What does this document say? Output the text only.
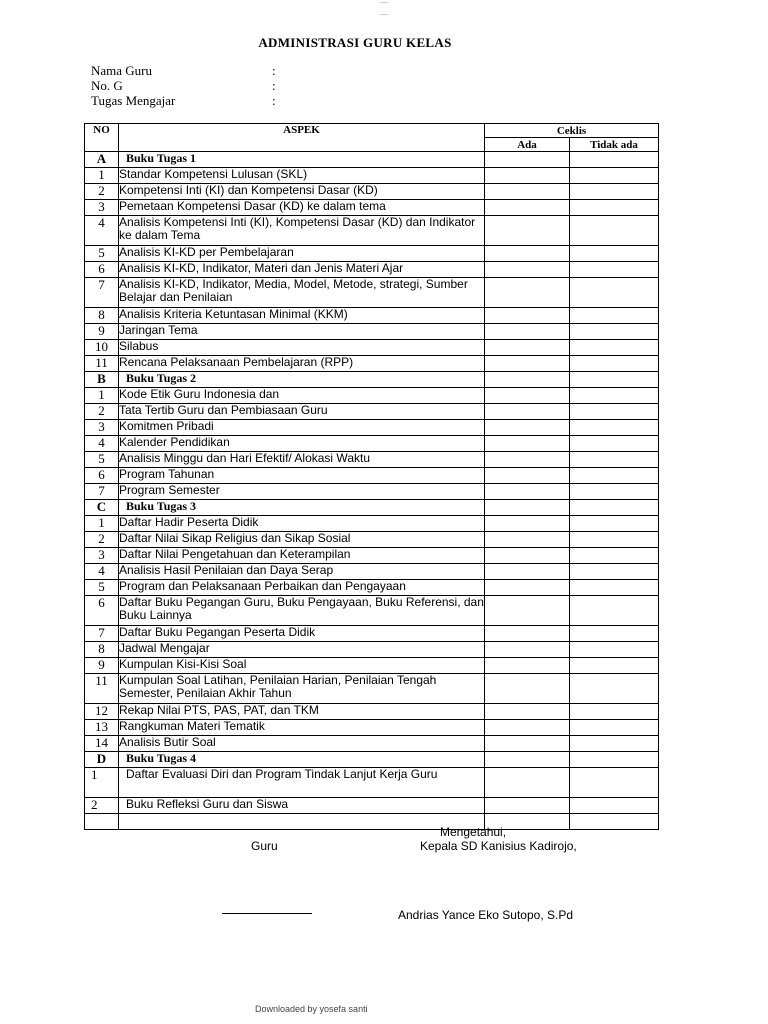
~~~~
~~~~
ADMINISTRASI GURU KELAS
Nama Guru	:
No. G	:
Tugas Mengajar	:
NO	ASPEK	Ceklis	
		Ada	Tidak ada
A	Buku Tugas 1		
1	Standar Kompetensi Lulusan (SKL)		
2	Kompetensi Inti (KI) dan Kompetensi Dasar (KD)		
3	Pemetaan Kompetensi Dasar (KD) ke dalam tema		
4	Analisis Kompetensi Inti (KI), Kompetensi Dasar (KD) dan Indikator ke dalam Tema		
5	Analisis KI-KD per Pembelajaran		
6	Analisis KI-KD, Indikator, Materi dan Jenis Materi Ajar		
7	Analisis KI-KD, Indikator, Media, Model, Metode, strategi, Sumber Belajar dan Penilaian		
8	Analisis Kriteria Ketuntasan Minimal (KKM)		
9	Jaringan Tema		
10	Silabus		
11	Rencana Pelaksanaan Pembelajaran (RPP)		
B	Buku Tugas 2		
1	Kode Etik Guru Indonesia dan		
2	Tata Tertib Guru dan Pembiasaan Guru		
3	Komitmen Pribadi		
4	Kalender Pendidikan		
5	Analisis Minggu dan Hari Efektif/ Alokasi Waktu		
6	Program Tahunan		
7	Program Semester		
C	Buku Tugas 3		
1	Daftar Hadir Peserta Didik		
2	Daftar Nilai Sikap Religius dan Sikap Sosial		
3	Daftar Nilai Pengetahuan dan Keterampilan		
4	Analisis Hasil Penilaian dan Daya Serap		
5	Program dan Pelaksanaan Perbaikan dan Pengayaan		
6	Daftar Buku Pegangan Guru, Buku Pengayaan, Buku Referensi, dan Buku Lainnya		
7	Daftar Buku Pegangan Peserta Didik		
8	Jadwal Mengajar		
9	Kumpulan Kisi-Kisi Soal		
11	Kumpulan Soal Latihan, Penilaian Harian, Penilaian Tengah Semester, Penilaian Akhir Tahun		
12	Rekap Nilai PTS, PAS, PAT, dan TKM		
13	Rangkuman Materi Tematik		
14	Analisis Butir Soal		
D	Buku Tugas 4		
1	Daftar Evaluasi Diri dan Program Tindak Lanjut Kerja Guru		
2	Buku Refleksi Guru dan Siswa		

Mengetahui,
Guru	Kepala SD Kanisius Kadirojo,
Andrias Yance Eko Sutopo, S.Pd
Downloaded by yosefa santi
